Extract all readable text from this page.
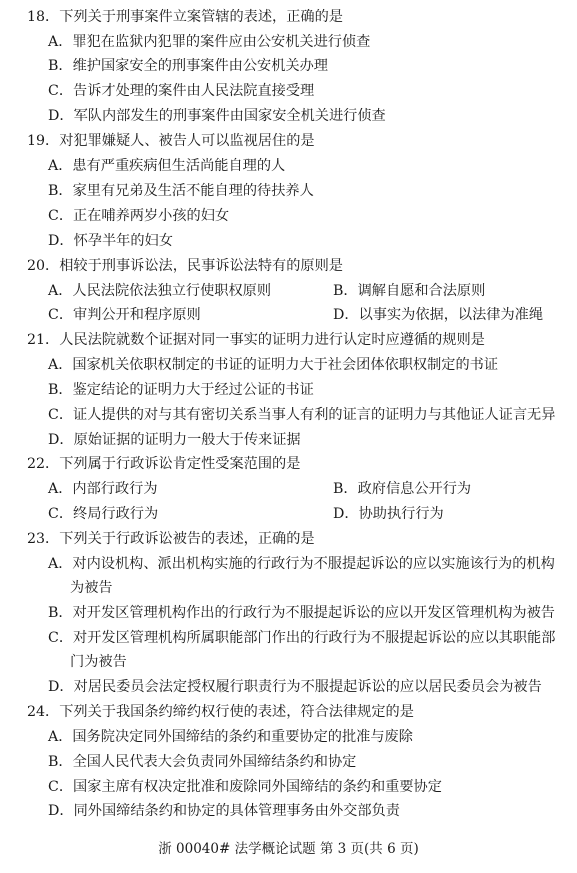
18．下列关于刑事案件立案管辖的表述，正确的是
A．罪犯在监狱内犯罪的案件应由公安机关进行侦查
B．维护国家安全的刑事案件由公安机关办理
C．告诉才处理的案件由人民法院直接受理
D．军队内部发生的刑事案件由国家安全机关进行侦查
19．对犯罪嫌疑人、被告人可以监视居住的是
A．患有严重疾病但生活尚能自理的人
B．家里有兄弟及生活不能自理的待扶养人
C．正在哺养两岁小孩的妇女
D．怀孕半年的妇女
20．相较于刑事诉讼法，民事诉讼法特有的原则是
A．人民法院依法独立行使职权原则	B．调解自愿和合法原则
C．审判公开和程序原则	D．以事实为依据，以法律为准绳
21．人民法院就数个证据对同一事实的证明力进行认定时应遵循的规则是
A．国家机关依职权制定的书证的证明力大于社会团体依职权制定的书证
B．鉴定结论的证明力大于经过公证的书证
C．证人提供的对与其有密切关系当事人有利的证言的证明力与其他证人证言无异
D．原始证据的证明力一般大于传来证据
22．下列属于行政诉讼肯定性受案范围的是
A．内部行政行为	B．政府信息公开行为
C．终局行政行为	D．协助执行行为
23．下列关于行政诉讼被告的表述，正确的是
A．对内设机构、派出机构实施的行政行为不服提起诉讼的应以实施该行为的机构
为被告
B．对开发区管理机构作出的行政行为不服提起诉讼的应以开发区管理机构为被告
C．对开发区管理机构所属职能部门作出的行政行为不服提起诉讼的应以其职能部
门为被告
D．对居民委员会法定授权履行职责行为不服提起诉讼的应以居民委员会为被告
24．下列关于我国条约缔约权行使的表述，符合法律规定的是
A．国务院决定同外国缔结的条约和重要协定的批准与废除
B．全国人民代表大会负责同外国缔结条约和协定
C．国家主席有权决定批准和废除同外国缔结的条约和重要协定
D．同外国缔结条约和协定的具体管理事务由外交部负责
浙 00040# 法学概论试题 第 3 页(共 6 页)
